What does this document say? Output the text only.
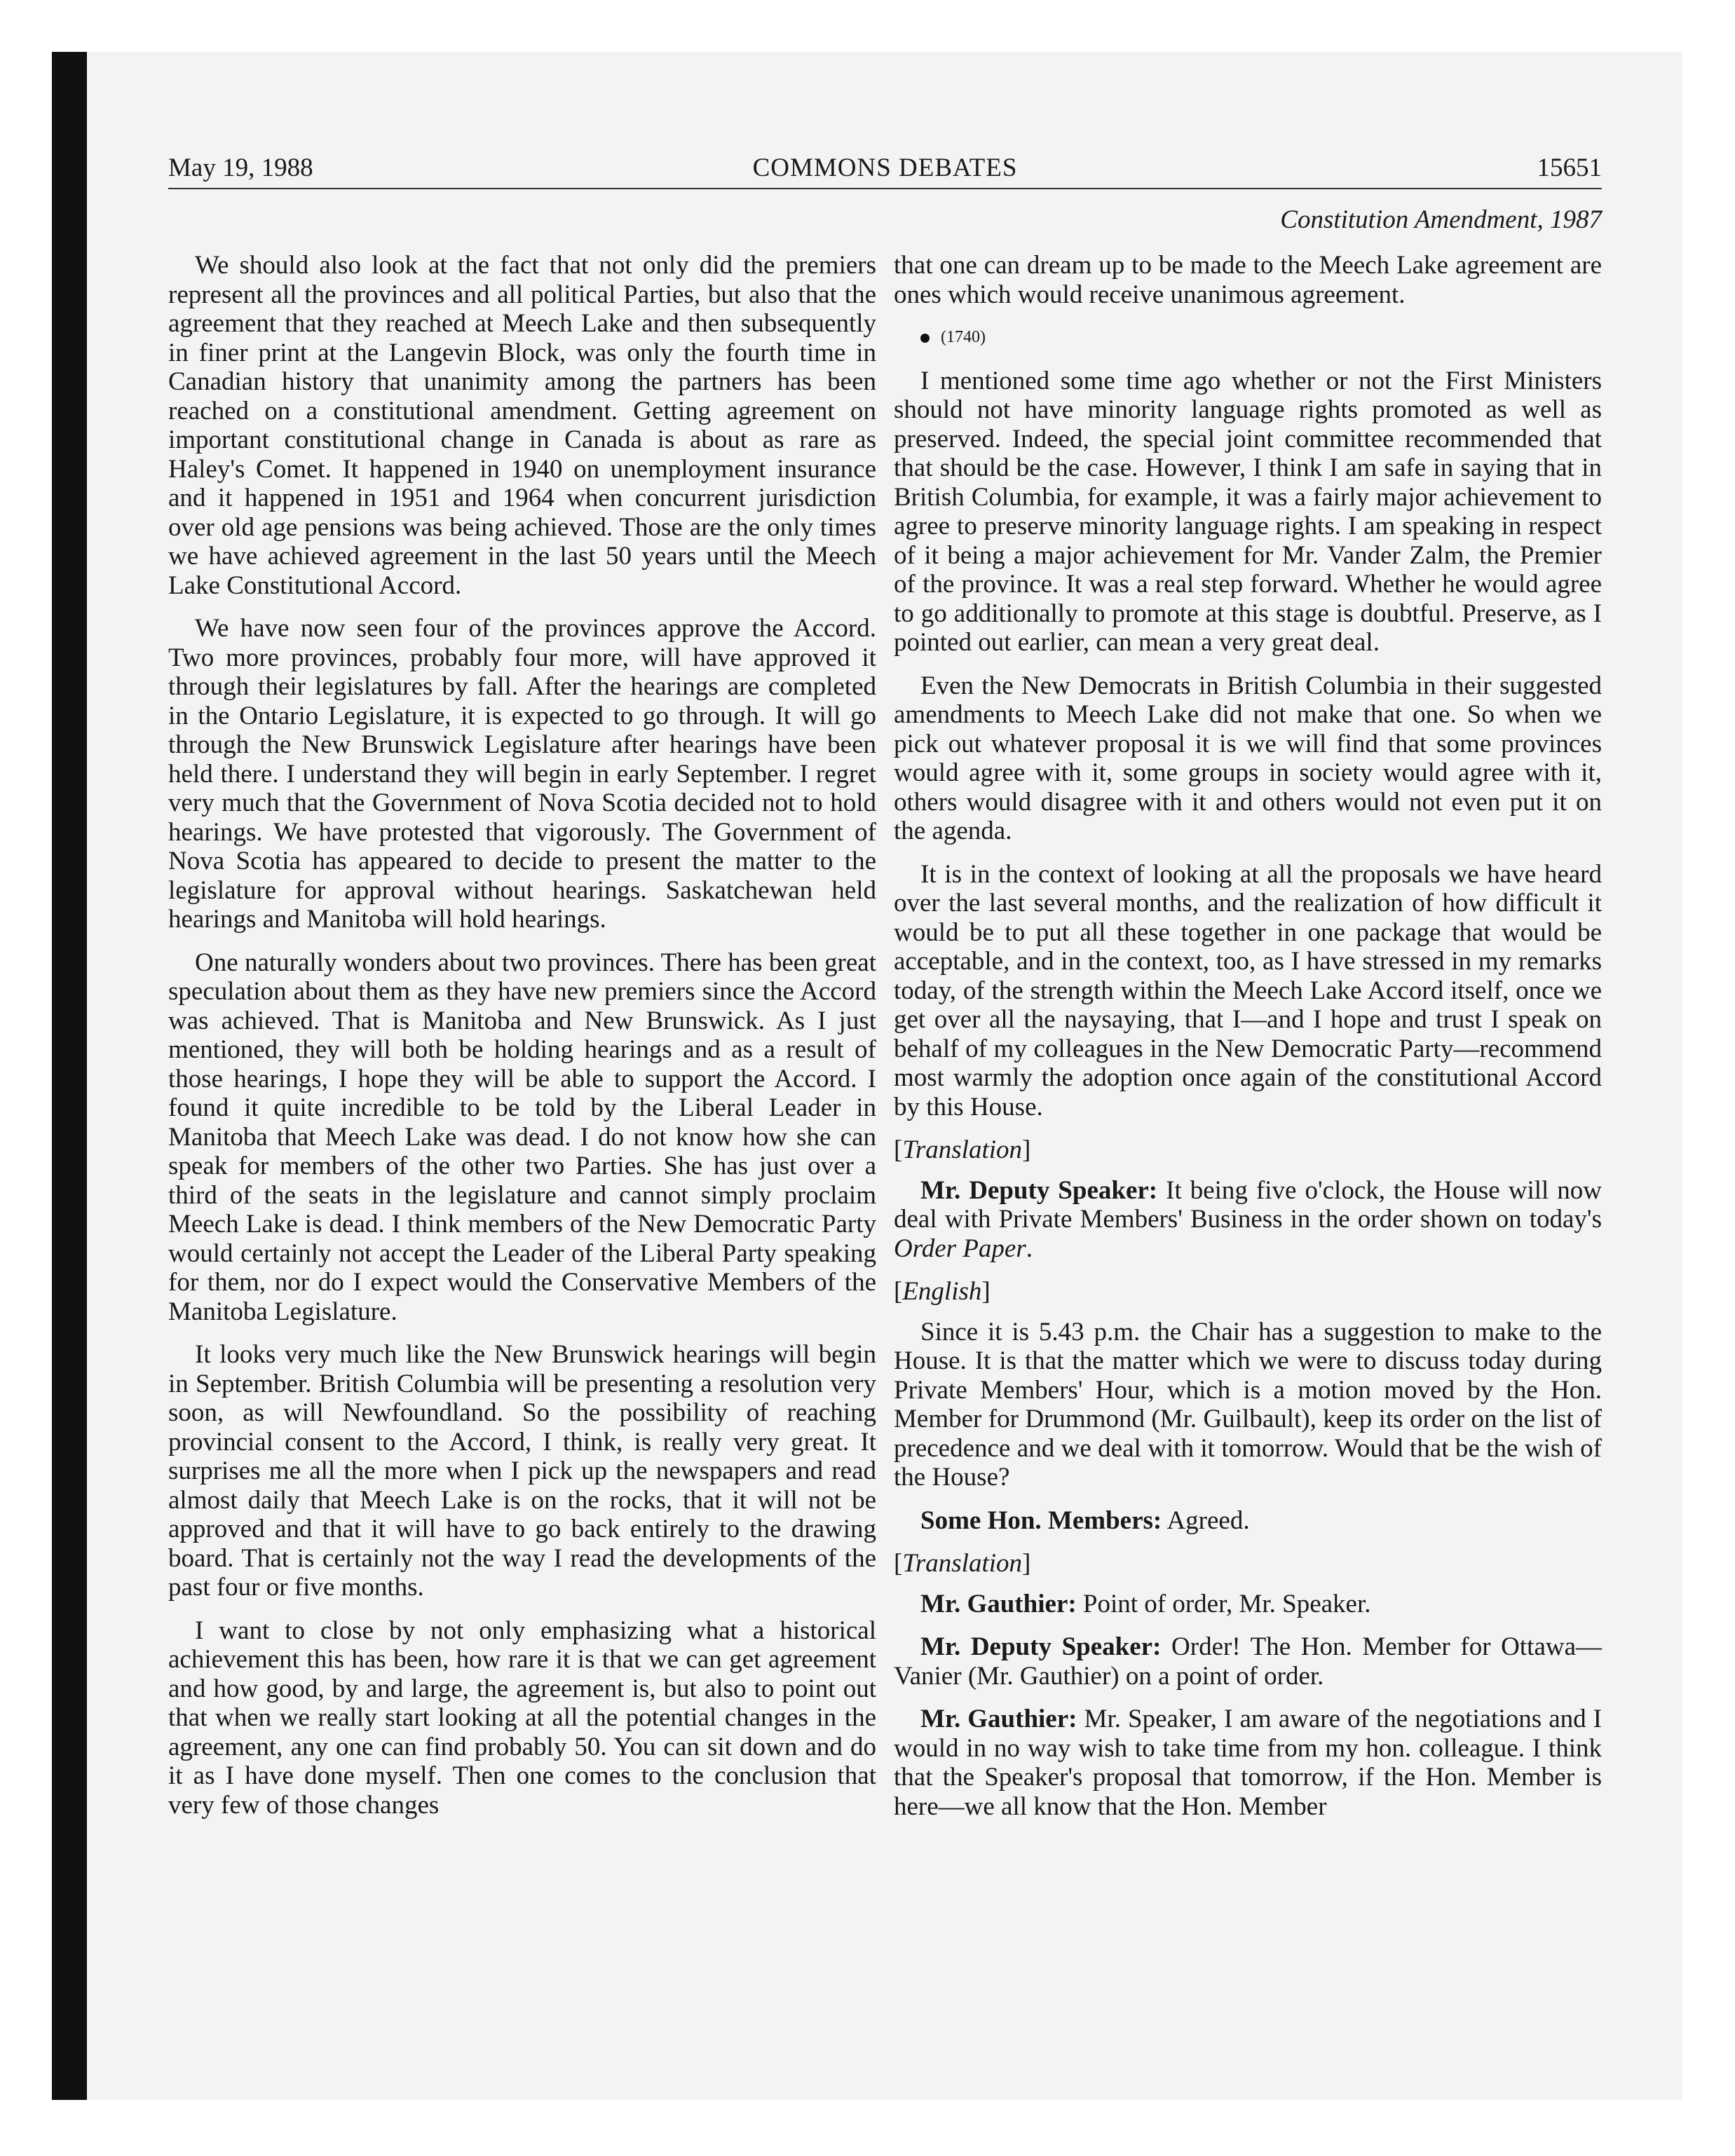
May 19, 1988	COMMONS DEBATES	15651
Constitution Amendment, 1987

We should also look at the fact that not only did the premiers represent all the provinces and all political Parties, but also that the agreement that they reached at Meech Lake and then subsequently in finer print at the Langevin Block, was only the fourth time in Canadian history that unanimity among the partners has been reached on a constitutional amendment. Getting agreement on important constitutional change in Canada is about as rare as Haley's Comet. It happened in 1940 on unemployment insurance and it happened in 1951 and 1964 when concurrent jurisdiction over old age pensions was being achieved. Those are the only times we have achieved agreement in the last 50 years until the Meech Lake Constitutional Accord.

We have now seen four of the provinces approve the Accord. Two more provinces, probably four more, will have approved it through their legislatures by fall. After the hearings are completed in the Ontario Legislature, it is expected to go through. It will go through the New Brunswick Legislature after hearings have been held there. I understand they will begin in early September. I regret very much that the Government of Nova Scotia decided not to hold hearings. We have protested that vigorously. The Government of Nova Scotia has appeared to decide to present the matter to the legislature for approval without hearings. Saskatchewan held hearings and Manitoba will hold hearings.

One naturally wonders about two provinces. There has been great speculation about them as they have new premiers since the Accord was achieved. That is Manitoba and New Brunswick. As I just mentioned, they will both be holding hearings and as a result of those hearings, I hope they will be able to support the Accord. I found it quite incredible to be told by the Liberal Leader in Manitoba that Meech Lake was dead. I do not know how she can speak for members of the other two Parties. She has just over a third of the seats in the legislature and cannot simply proclaim Meech Lake is dead. I think members of the New Democratic Party would certainly not accept the Leader of the Liberal Party speaking for them, nor do I expect would the Conservative Members of the Manitoba Legislature.

It looks very much like the New Brunswick hearings will begin in September. British Columbia will be presenting a resolution very soon, as will Newfoundland. So the possibility of reaching provincial consent to the Accord, I think, is really very great. It surprises me all the more when I pick up the newspapers and read almost daily that Meech Lake is on the rocks, that it will not be approved and that it will have to go back entirely to the drawing board. That is certainly not the way I read the developments of the past four or five months.

I want to close by not only emphasizing what a historical achievement this has been, how rare it is that we can get agreement and how good, by and large, the agreement is, but also to point out that when we really start looking at all the potential changes in the agreement, any one can find probably 50. You can sit down and do it as I have done myself. Then one comes to the conclusion that very few of those changes

that one can dream up to be made to the Meech Lake agreement are ones which would receive unanimous agreement.

(1740)

I mentioned some time ago whether or not the First Ministers should not have minority language rights promoted as well as preserved. Indeed, the special joint committee recommended that that should be the case. However, I think I am safe in saying that in British Columbia, for example, it was a fairly major achievement to agree to preserve minority language rights. I am speaking in respect of it being a major achievement for Mr. Vander Zalm, the Premier of the province. It was a real step forward. Whether he would agree to go additionally to promote at this stage is doubtful. Preserve, as I pointed out earlier, can mean a very great deal.

Even the New Democrats in British Columbia in their suggested amendments to Meech Lake did not make that one. So when we pick out whatever proposal it is we will find that some provinces would agree with it, some groups in society would agree with it, others would disagree with it and others would not even put it on the agenda.

It is in the context of looking at all the proposals we have heard over the last several months, and the realization of how difficult it would be to put all these together in one package that would be acceptable, and in the context, too, as I have stressed in my remarks today, of the strength within the Meech Lake Accord itself, once we get over all the naysaying, that I—and I hope and trust I speak on behalf of my colleagues in the New Democratic Party—recommend most warmly the adoption once again of the constitutional Accord by this House.

[Translation]

Mr. Deputy Speaker: It being five o'clock, the House will now deal with Private Members' Business in the order shown on today's Order Paper.

[English]

Since it is 5.43 p.m. the Chair has a suggestion to make to the House. It is that the matter which we were to discuss today during Private Members' Hour, which is a motion moved by the Hon. Member for Drummond (Mr. Guilbault), keep its order on the list of precedence and we deal with it tomorrow. Would that be the wish of the House?

Some Hon. Members: Agreed.

[Translation]

Mr. Gauthier: Point of order, Mr. Speaker.

Mr. Deputy Speaker: Order! The Hon. Member for Ottawa—Vanier (Mr. Gauthier) on a point of order.

Mr. Gauthier: Mr. Speaker, I am aware of the negotiations and I would in no way wish to take time from my hon. colleague. I think that the Speaker's proposal that tomorrow, if the Hon. Member is here—we all know that the Hon. Member
